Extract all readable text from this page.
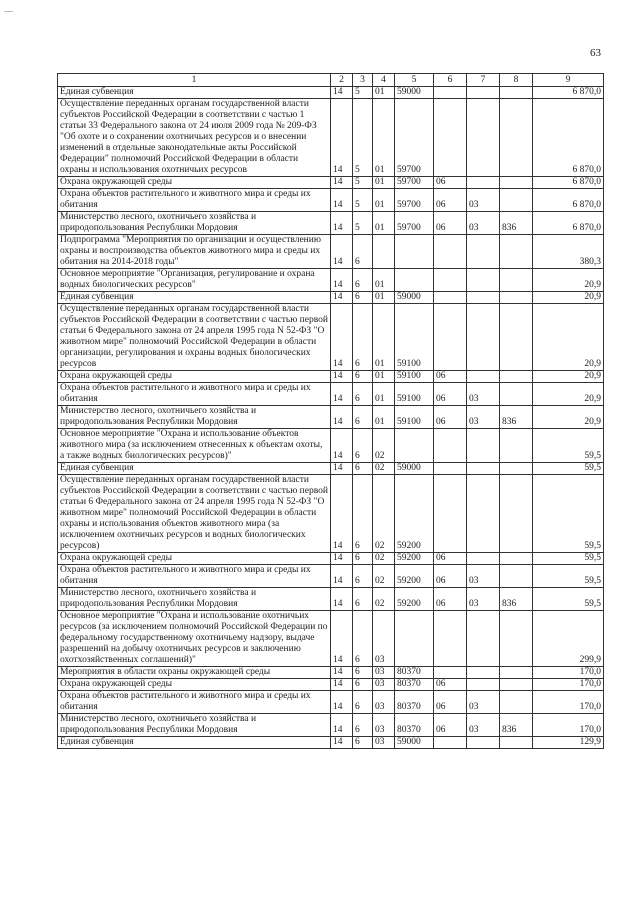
—
63
1	2	3	4	5	6	7	8	9
Единая субвенция	14	5	01	59000				6 870,0
Осуществление переданных органам государственной власти субъектов Российской Федерации в соответствии с частью 1 статьи 33 Федерального закона от 24 июля 2009 года № 209-ФЗ "Об охоте и о сохранении охотничьих ресурсов и о внесении изменений в отдельные законодательные акты Российской Федерации" полномочий Российской Федерации в области охраны и использования охотничьих ресурсов	14	5	01	59700				6 870,0
Охрана окружающей среды	14	5	01	59700	06			6 870,0
Охрана объектов растительного и животного мира и среды их обитания	14	5	01	59700	06	03		6 870,0
Министерство лесного, охотничьего хозяйства и природопользования Республики Мордовия	14	5	01	59700	06	03	836	6 870,0
Подпрограмма "Мероприятия по организации и осуществлению охраны и воспроизводства объектов животного мира и среды их обитания на 2014-2018 годы"	14	6						380,3
Основное мероприятие "Организация, регулирование и охрана водных биологических ресурсов"	14	6	01					20,9
Единая субвенция	14	6	01	59000				20,9
Осуществление переданных органам государственной власти субъектов Российской Федерации в соответствии с частью первой статьи 6 Федерального закона от 24 апреля 1995 года N 52-ФЗ "О животном мире" полномочий Российской Федерации в области организации, регулирования и охраны водных биологических ресурсов	14	6	01	59100				20,9
Охрана окружающей среды	14	6	01	59100	06			20,9
Охрана объектов растительного и животного мира и среды их обитания	14	6	01	59100	06	03		20,9
Министерство лесного, охотничьего хозяйства и природопользования Республики Мордовия	14	6	01	59100	06	03	836	20,9
Основное мероприятие "Охрана и использование объектов животного мира (за исключением отнесенных к объектам охоты, а также водных биологических ресурсов)"	14	6	02					59,5
Единая субвенция	14	6	02	59000				59,5
Осуществление переданных органам государственной власти субъектов Российской Федерации в соответствии с частью первой статьи 6 Федерального закона от 24 апреля 1995 года N 52-ФЗ "О животном мире" полномочий Российской Федерации в области охраны и использования объектов животного мира (за исключением охотничьих ресурсов и водных биологических ресурсов)	14	6	02	59200				59,5
Охрана окружающей среды	14	6	02	59200	06			59,5
Охрана объектов растительного и животного мира и среды их обитания	14	6	02	59200	06	03		59,5
Министерство лесного, охотничьего хозяйства и природопользования Республики Мордовия	14	6	02	59200	06	03	836	59,5
Основное мероприятие "Охрана и использование охотничьих ресурсов (за исключением полномочий Российской Федерации по федеральному государственному охотничьему надзору, выдаче разрешений на добычу охотничьих ресурсов и заключению охотхозяйственных соглашений)"	14	6	03					299,9
Мероприятия в области охраны окружающей среды	14	6	03	80370				170,0
Охрана окружающей среды	14	6	03	80370	06			170,0
Охрана объектов растительного и животного мира и среды их обитания	14	6	03	80370	06	03		170,0
Министерство лесного, охотничьего хозяйства и природопользования Республики Мордовия	14	6	03	80370	06	03	836	170,0
Единая субвенция	14	6	03	59000				129,9
